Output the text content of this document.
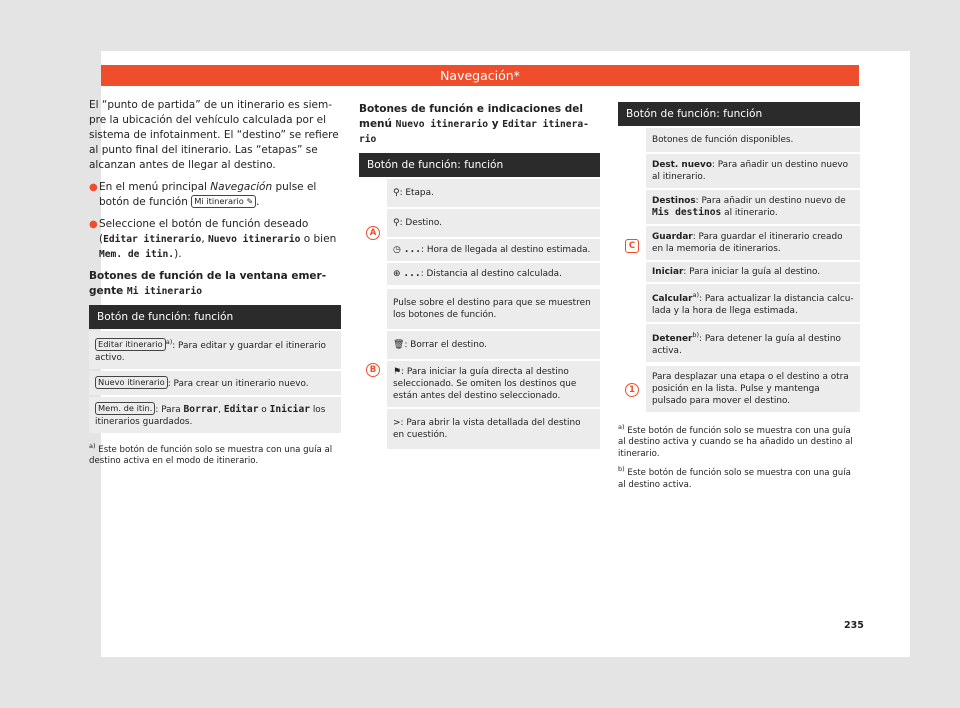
Navegación*

El “punto de partida” de un itinerario es siempre la ubicación del vehículo calculada por el sistema de infotainment. El “destino” se refiere al punto final del itinerario. Las “etapas” se alcanzan antes de llegar al destino.

● En el menú principal Navegación pulse el botón de función Mi itinerario ✎ .

● Seleccione el botón de función deseado (Editar itinerario, Nuevo itinerario o bien Mem. de itin.).

Botones de función de la ventana emergente Mi itinerario
Botón de función: función
Editar itinerario $^{a)}$: Para editar y guardar el itinerario activo.
Nuevo itinerario : Para crear un itinerario nuevo.
Mem. de itin. : Para Borrar, Editar o Iniciar los itinerarios guardados.
$^{a)}$ Este botón de función solo se muestra con una guía al destino activa en el modo de itinerario.
Botones de función e indicaciones del menú Nuevo itinerario y Editar itinerario
Botón de función: función
A
⚲: Etapa.
⚲: Destino.
◷ ...: Hora de llegada al destino estimada.
⊕ ...: Distancia al destino calculada.
B
Pulse sobre el destino para que se muestren los botones de función.
🗑: Borrar el destino.
⚑: Para iniciar la guía directa al destino seleccionado. Se omiten los destinos que están antes del destino seleccionado.
>: Para abrir la vista detallada del destino en cuestión.
Botón de función: función
C
Botones de función disponibles.
Dest. nuevo: Para añadir un destino nuevo al itinerario.
Destinos: Para añadir un destino nuevo de Mis destinos al itinerario.
Guardar: Para guardar el itinerario creado en la memoria de itinerarios.
Iniciar: Para iniciar la guía al destino.
Calcular$^{a)}$: Para actualizar la distancia calculada y la hora de llega estimada.
Detener$^{b)}$: Para detener la guía al destino activa.
1
Para desplazar una etapa o el destino a otra posición en la lista. Pulse y mantenga pulsado para mover el destino.

$^{a)}$ Este botón de función solo se muestra con una guía al destino activa y cuando se ha añadido un destino al itinerario.

$^{b)}$ Este botón de función solo se muestra con una guía al destino activa.

235
